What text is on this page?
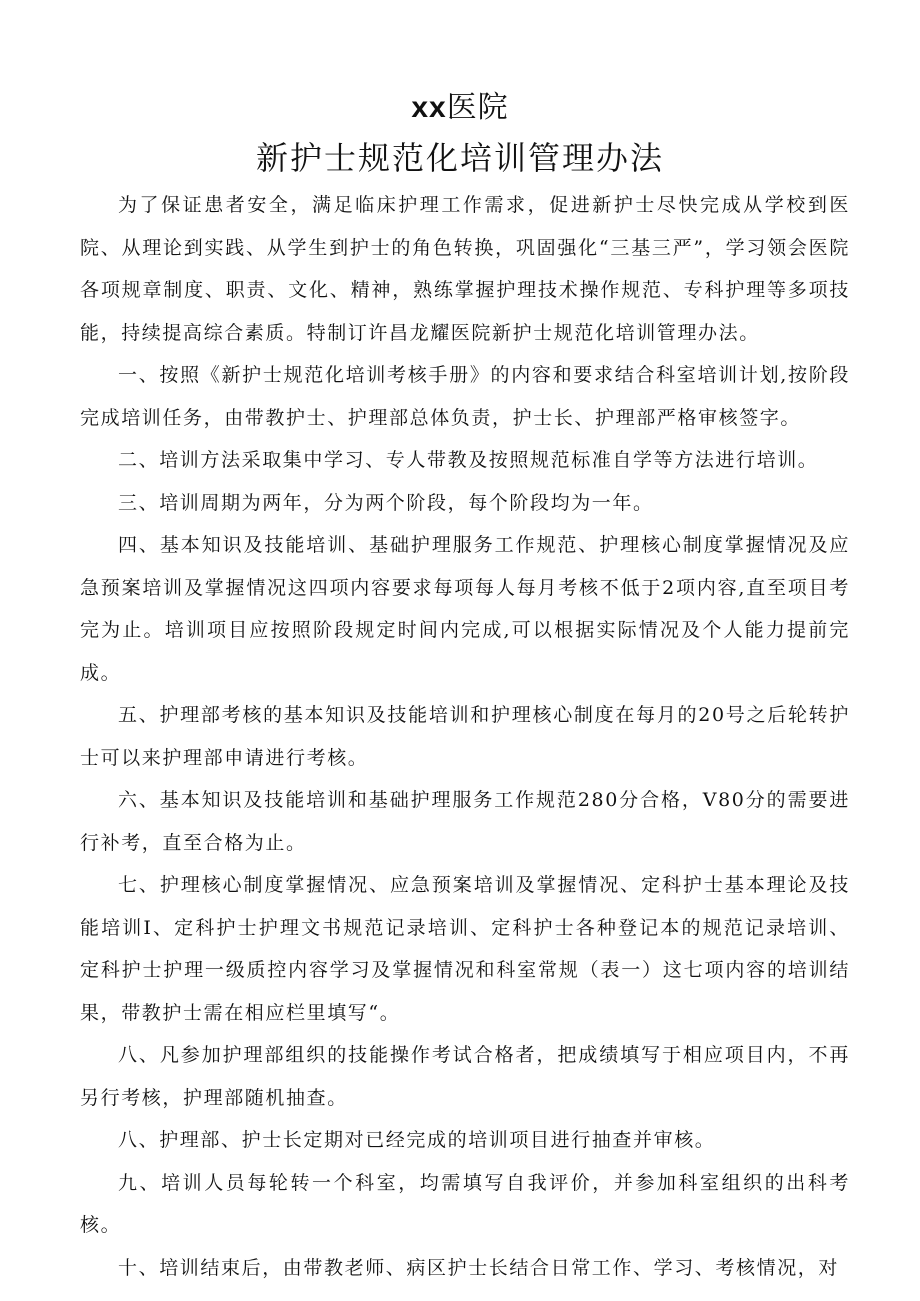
xx医院
新护士规范化培训管理办法

为了保证患者安全，满足临床护理工作需求，促进新护士尽快完成从学校到医院、从理论到实践、从学生到护士的角色转换，巩固强化“三基三严”，学习领会医院各项规章制度、职责、文化、精神，熟练掌握护理技术操作规范、专科护理等多项技能，持续提高综合素质。特制订许昌龙耀医院新护士规范化培训管理办法。

一、按照《新护士规范化培训考核手册》的内容和要求结合科室培训计划,按阶段完成培训任务，由带教护士、护理部总体负责，护士长、护理部严格审核签字。

二、培训方法采取集中学习、专人带教及按照规范标准自学等方法进行培训。

三、培训周期为两年，分为两个阶段，每个阶段均为一年。

四、基本知识及技能培训、基础护理服务工作规范、护理核心制度掌握情况及应急预案培训及掌握情况这四项内容要求每项每人每月考核不低于2项内容,直至项目考完为止。培训项目应按照阶段规定时间内完成,可以根据实际情况及个人能力提前完成。

五、护理部考核的基本知识及技能培训和护理核心制度在每月的20号之后轮转护士可以来护理部申请进行考核。

六、基本知识及技能培训和基础护理服务工作规范280分合格，V80分的需要进行补考，直至合格为止。

七、护理核心制度掌握情况、应急预案培训及掌握情况、定科护士基本理论及技能培训I、定科护士护理文书规范记录培训、定科护士各种登记本的规范记录培训、定科护士护理一级质控内容学习及掌握情况和科室常规（表一）这七项内容的培训结果，带教护士需在相应栏里填写“。

八、凡参加护理部组织的技能操作考试合格者，把成绩填写于相应项目内，不再另行考核，护理部随机抽查。

八、护理部、护士长定期对已经完成的培训项目进行抽查并审核。

九、培训人员每轮转一个科室，均需填写自我评价，并参加科室组织的出科考核。

十、培训结束后，由带教老师、病区护士长结合日常工作、学习、考核情况，对
